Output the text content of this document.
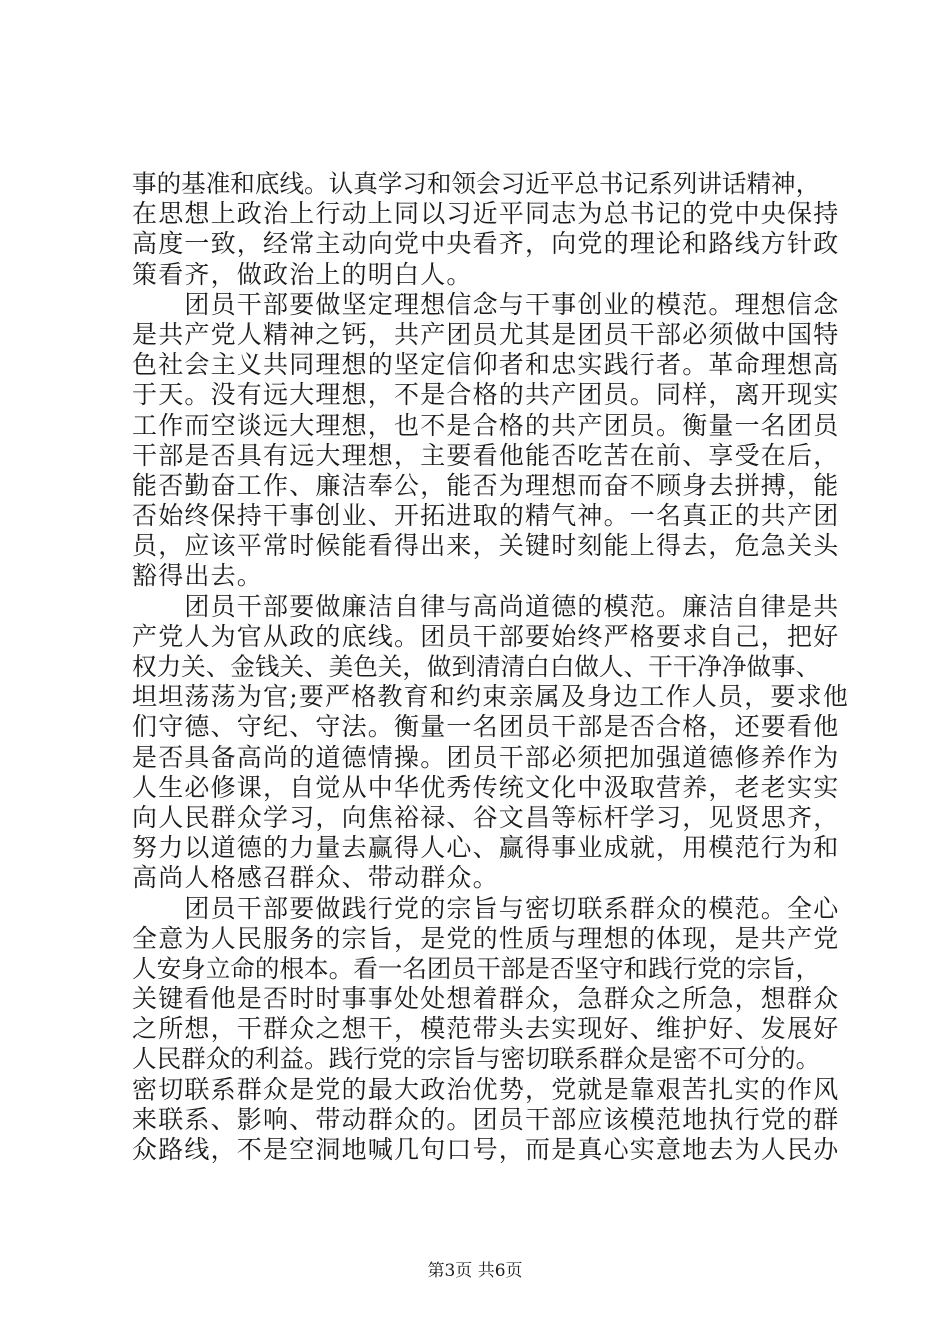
事的基准和底线。认真学习和领会习近平总书记系列讲话精神，
在思想上政治上行动上同以习近平同志为总书记的党中央保持
高度一致，经常主动向党中央看齐，向党的理论和路线方针政
策看齐，做政治上的明白人。
　　团员干部要做坚定理想信念与干事创业的模范。理想信念
是共产党人精神之钙，共产团员尤其是团员干部必须做中国特
色社会主义共同理想的坚定信仰者和忠实践行者。革命理想高
于天。没有远大理想，不是合格的共产团员。同样，离开现实
工作而空谈远大理想，也不是合格的共产团员。衡量一名团员
干部是否具有远大理想，主要看他能否吃苦在前、享受在后，
能否勤奋工作、廉洁奉公，能否为理想而奋不顾身去拼搏，能
否始终保持干事创业、开拓进取的精气神。一名真正的共产团
员，应该平常时候能看得出来，关键时刻能上得去，危急关头
豁得出去。
　　团员干部要做廉洁自律与高尚道德的模范。廉洁自律是共
产党人为官从政的底线。团员干部要始终严格要求自己，把好
权力关、金钱关、美色关，做到清清白白做人、干干净净做事、
坦坦荡荡为官;要严格教育和约束亲属及身边工作人员，要求他
们守德、守纪、守法。衡量一名团员干部是否合格，还要看他
是否具备高尚的道德情操。团员干部必须把加强道德修养作为
人生必修课，自觉从中华优秀传统文化中汲取营养，老老实实
向人民群众学习，向焦裕禄、谷文昌等标杆学习，见贤思齐，
努力以道德的力量去赢得人心、赢得事业成就，用模范行为和
高尚人格感召群众、带动群众。
　　团员干部要做践行党的宗旨与密切联系群众的模范。全心
全意为人民服务的宗旨，是党的性质与理想的体现，是共产党
人安身立命的根本。看一名团员干部是否坚守和践行党的宗旨，
关键看他是否时时事事处处想着群众，急群众之所急，想群众
之所想，干群众之想干，模范带头去实现好、维护好、发展好
人民群众的利益。践行党的宗旨与密切联系群众是密不可分的。
密切联系群众是党的最大政治优势，党就是靠艰苦扎实的作风
来联系、影响、带动群众的。团员干部应该模范地执行党的群
众路线，不是空洞地喊几句口号，而是真心实意地去为人民办
第3页 共6页
